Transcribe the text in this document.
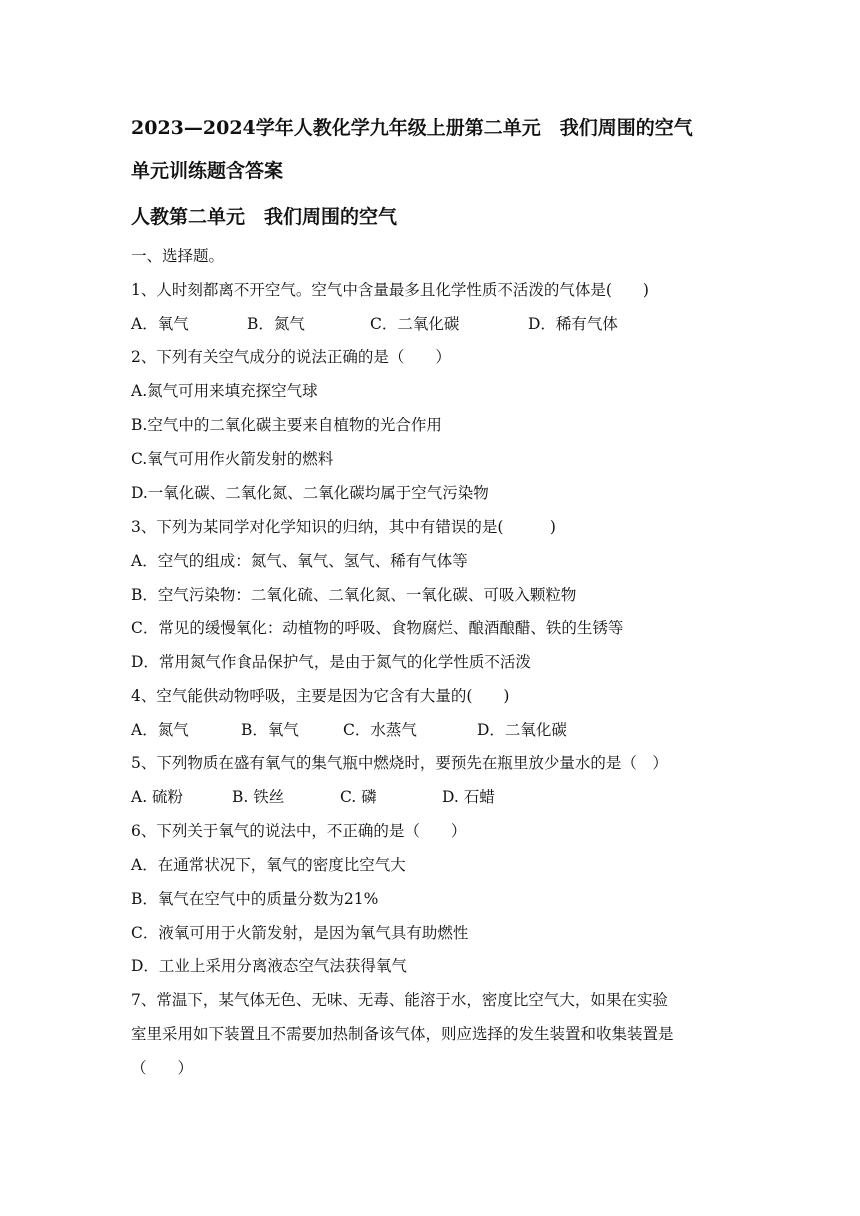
2023—2024学年人教化学九年级上册第二单元　我们周围的空气
单元训练题含答案
人教第二单元　我们周围的空气
一、选择题。
1、人时刻都离不开空气。空气中含量最多且化学性质不活泼的气体是(　　)
A．氧气	B．氮气	C．二氧化碳	D．稀有气体
2、下列有关空气成分的说法正确的是（　　）
A.氮气可用来填充探空气球
B.空气中的二氧化碳主要来自植物的光合作用
C.氧气可用作火箭发射的燃料
D.一氧化碳、二氧化氮、二氧化碳均属于空气污染物
3、下列为某同学对化学知识的归纳，其中有错误的是(　　　)
A．空气的组成：氮气、氧气、氢气、稀有气体等
B．空气污染物：二氧化硫、二氧化氮、一氧化碳、可吸入颗粒物
C．常见的缓慢氧化：动植物的呼吸、食物腐烂、酿酒酿醋、铁的生锈等
D．常用氮气作食品保护气，是由于氮气的化学性质不活泼
4、空气能供动物呼吸，主要是因为它含有大量的(　　)
A．氮气	B．氧气	C．水蒸气	D．二氧化碳
5、下列物质在盛有氧气的集气瓶中燃烧时，要预先在瓶里放少量水的是（　）
A. 硫粉	B. 铁丝	C. 磷	D. 石蜡
6、下列关于氧气的说法中，不正确的是（　　）
A．在通常状况下，氧气的密度比空气大
B．氧气在空气中的质量分数为21%
C．液氧可用于火箭发射，是因为氧气具有助燃性
D．工业上采用分离液态空气法获得氧气
7、常温下，某气体无色、无味、无毒、能溶于水，密度比空气大，如果在实验
室里采用如下装置且不需要加热制备该气体，则应选择的发生装置和收集装置是
（　　）
